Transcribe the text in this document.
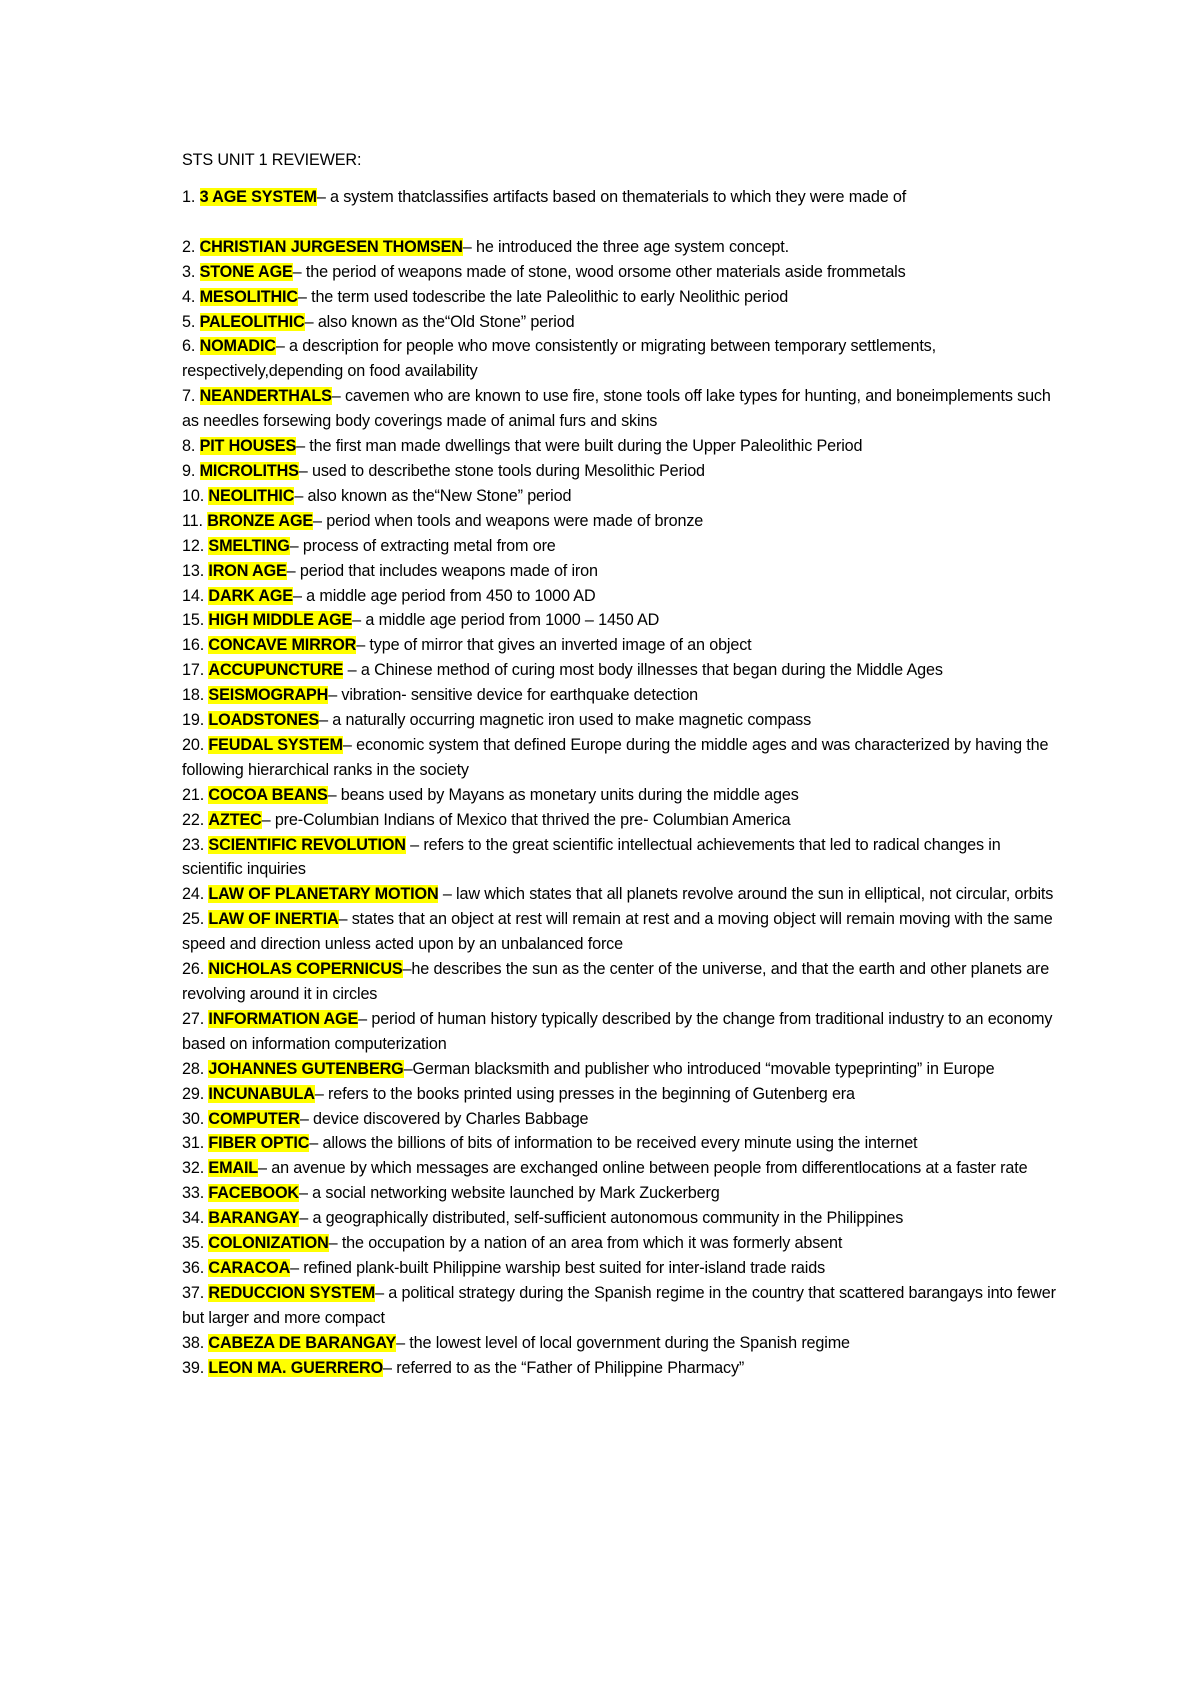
STS UNIT 1 REVIEWER:

1. 3 AGE SYSTEM– a system thatclassifies artifacts based on thematerials to which they were made of

2. CHRISTIAN JURGESEN THOMSEN– he introduced the three age system concept.

3. STONE AGE– the period of weapons made of stone, wood orsome other materials aside frommetals

4. MESOLITHIC– the term used todescribe the late Paleolithic to early Neolithic period

5. PALEOLITHIC– also known as the“Old Stone” period

6. NOMADIC– a description for people who move consistently or migrating between temporary settlements, respectively,depending on food availability

7. NEANDERTHALS– cavemen who are known to use fire, stone tools off lake types for hunting, and boneimplements such as needles forsewing body coverings made of animal furs and skins

8. PIT HOUSES– the first man made dwellings that were built during the Upper Paleolithic Period

9. MICROLITHS– used to describethe stone tools during Mesolithic Period

10. NEOLITHIC– also known as the“New Stone” period

11. BRONZE AGE– period when tools and weapons were made of bronze

12. SMELTING– process of extracting metal from ore

13. IRON AGE– period that includes weapons made of iron

14. DARK AGE– a middle age period from 450 to 1000 AD

15. HIGH MIDDLE AGE– a middle age period from 1000 – 1450 AD

16. CONCAVE MIRROR– type of mirror that gives an inverted image of an object

17. ACCUPUNCTURE – a Chinese method of curing most body illnesses that began during the Middle Ages

18. SEISMOGRAPH– vibration- sensitive device for earthquake detection

19. LOADSTONES– a naturally occurring magnetic iron used to make magnetic compass

20. FEUDAL SYSTEM– economic system that defined Europe during the middle ages and was characterized by having the following hierarchical ranks in the society

21. COCOA BEANS– beans used by Mayans as monetary units during the middle ages

22. AZTEC– pre-Columbian Indians of Mexico that thrived the pre- Columbian America

23. SCIENTIFIC REVOLUTION – refers to the great scientific intellectual achievements that led to radical changes in scientific inquiries

24. LAW OF PLANETARY MOTION – law which states that all planets revolve around the sun in elliptical, not circular, orbits

25. LAW OF INERTIA– states that an object at rest will remain at rest and a moving object will remain moving with the same speed and direction unless acted upon by an unbalanced force

26. NICHOLAS COPERNICUS–he describes the sun as the center of the universe, and that the earth and other planets are revolving around it in circles

27. INFORMATION AGE– period of human history typically described by the change from traditional industry to an economy based on information computerization

28. JOHANNES GUTENBERG–German blacksmith and publisher who introduced “movable typeprinting” in Europe

29. INCUNABULA– refers to the books printed using presses in the beginning of Gutenberg era

30. COMPUTER– device discovered by Charles Babbage

31. FIBER OPTIC– allows the billions of bits of information to be received every minute using the internet

32. EMAIL– an avenue by which messages are exchanged online between people from differentlocations at a faster rate

33. FACEBOOK– a social networking website launched by Mark Zuckerberg

34. BARANGAY– a geographically distributed, self-sufficient autonomous community in the Philippines

35. COLONIZATION– the occupation by a nation of an area from which it was formerly absent

36. CARACOA– refined plank-built Philippine warship best suited for inter-island trade raids

37. REDUCCION SYSTEM– a political strategy during the Spanish regime in the country that scattered barangays into fewer but larger and more compact

38. CABEZA DE BARANGAY– the lowest level of local government during the Spanish regime

39. LEON MA. GUERRERO– referred to as the “Father of Philippine Pharmacy”
